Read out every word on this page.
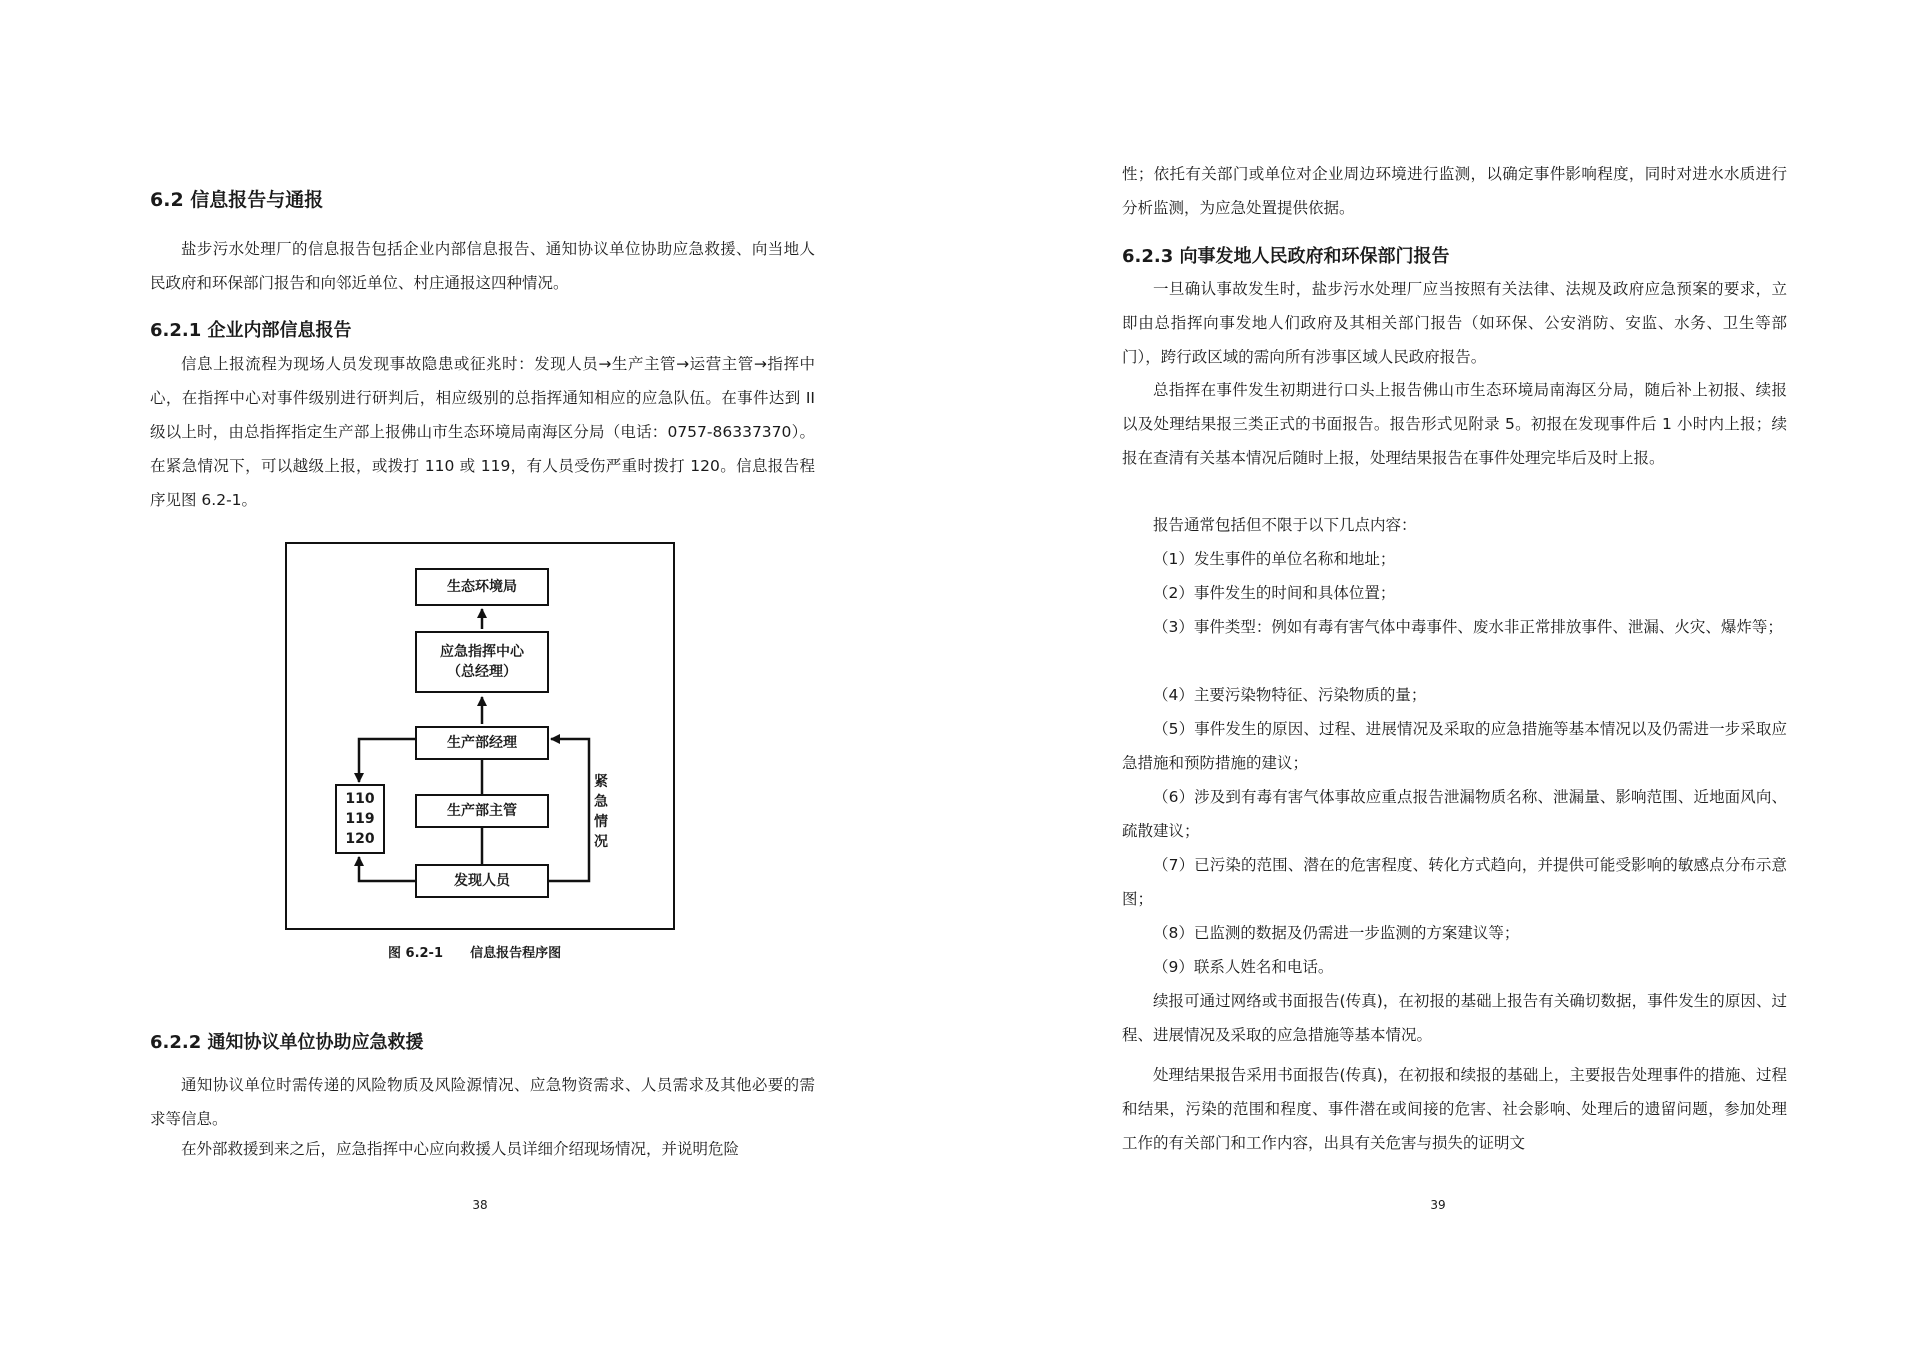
6.2 信息报告与通报
盐步污水处理厂的信息报告包括企业内部信息报告、通知协议单位协助应急救援、向当地人民政府和环保部门报告和向邻近单位、村庄通报这四种情况。
6.2.1 企业内部信息报告
信息上报流程为现场人员发现事故隐患或征兆时：发现人员→生产主管→运营主管→指挥中心，在指挥中心对事件级别进行研判后，相应级别的总指挥通知相应的应急队伍。在事件达到 II 级以上时，由总指挥指定生产部上报佛山市生态环境局南海区分局（电话：0757-86337370）。在紧急情况下，可以越级上报，或拨打 110 或 119，有人员受伤严重时拨打 120。信息报告程序见图 6.2-1。
生态环境局
应急指挥中心
（总经理）
生产部经理
生产部主管
发现人员
110
119
120
紧
急
情
况
图 6.2-1      信息报告程序图
6.2.2 通知协议单位协助应急救援
通知协议单位时需传递的风险物质及风险源情况、应急物资需求、人员需求及其他必要的需求等信息。
在外部救援到来之后，应急指挥中心应向救援人员详细介绍现场情况，并说明危险
38
性；依托有关部门或单位对企业周边环境进行监测，以确定事件影响程度，同时对进水水质进行分析监测，为应急处置提供依据。
6.2.3 向事发地人民政府和环保部门报告
一旦确认事故发生时，盐步污水处理厂应当按照有关法律、法规及政府应急预案的要求，立即由总指挥向事发地人们政府及其相关部门报告（如环保、公安消防、安监、水务、卫生等部门），跨行政区域的需向所有涉事区域人民政府报告。
总指挥在事件发生初期进行口头上报告佛山市生态环境局南海区分局，随后补上初报、续报以及处理结果报三类正式的书面报告。报告形式见附录 5。初报在发现事件后 1 小时内上报；续报在查清有关基本情况后随时上报，处理结果报告在事件处理完毕后及时上报。
报告通常包括但不限于以下几点内容：
（1）发生事件的单位名称和地址；
（2）事件发生的时间和具体位置；
（3）事件类型：例如有毒有害气体中毒事件、废水非正常排放事件、泄漏、火灾、爆炸等；
（4）主要污染物特征、污染物质的量；
（5）事件发生的原因、过程、进展情况及采取的应急措施等基本情况以及仍需进一步采取应急措施和预防措施的建议；
（6）涉及到有毒有害气体事故应重点报告泄漏物质名称、泄漏量、影响范围、近地面风向、疏散建议；
（7）已污染的范围、潜在的危害程度、转化方式趋向，并提供可能受影响的敏感点分布示意图；
（8）已监测的数据及仍需进一步监测的方案建议等；
（9）联系人姓名和电话。
续报可通过网络或书面报告(传真)，在初报的基础上报告有关确切数据，事件发生的原因、过程、进展情况及采取的应急措施等基本情况。
处理结果报告采用书面报告(传真)，在初报和续报的基础上，主要报告处理事件的措施、过程和结果，污染的范围和程度、事件潜在或间接的危害、社会影响、处理后的遗留问题，参加处理工作的有关部门和工作内容，出具有关危害与损失的证明文
39
